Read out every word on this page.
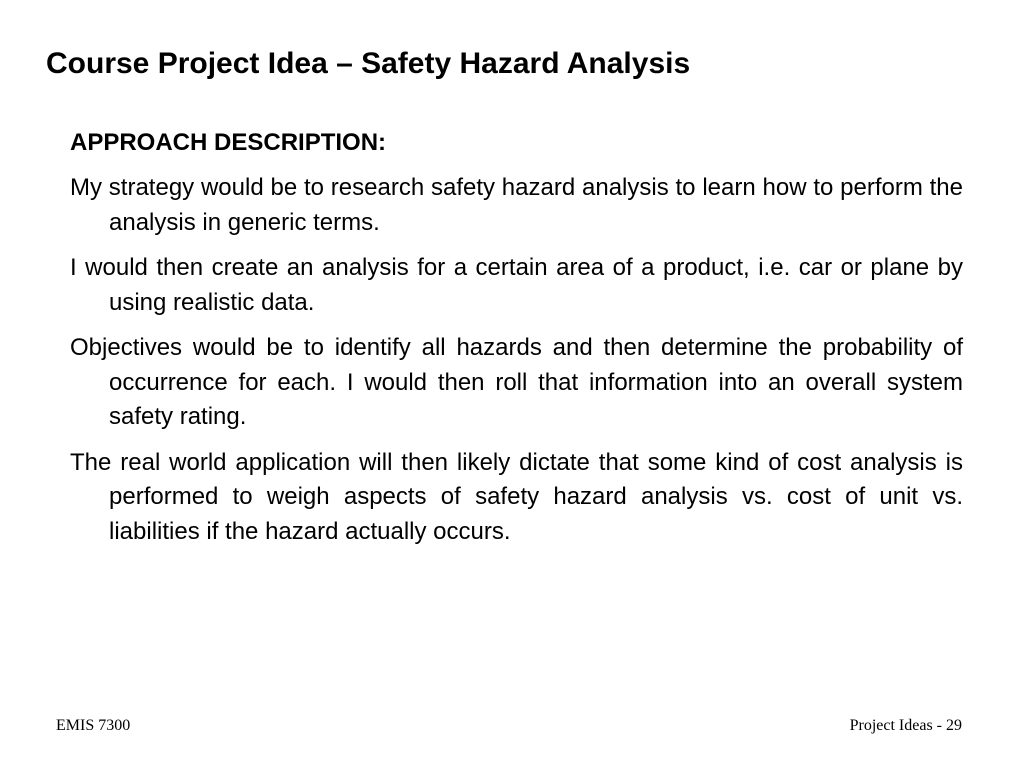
Course Project Idea – Safety Hazard Analysis

APPROACH DESCRIPTION:

My strategy would be to research safety hazard analysis to learn how to perform the analysis in generic terms.

I would then create an analysis for a certain area of a product, i.e. car or plane by using realistic data.

Objectives would be to identify all hazards and then determine the probability of occurrence for each. I would then roll that information into an overall system safety rating.

The real world application will then likely dictate that some kind of cost analysis is performed to weigh aspects of safety hazard analysis vs. cost of unit vs. liabilities if the hazard actually occurs.

EMIS 7300	Project Ideas - 29
